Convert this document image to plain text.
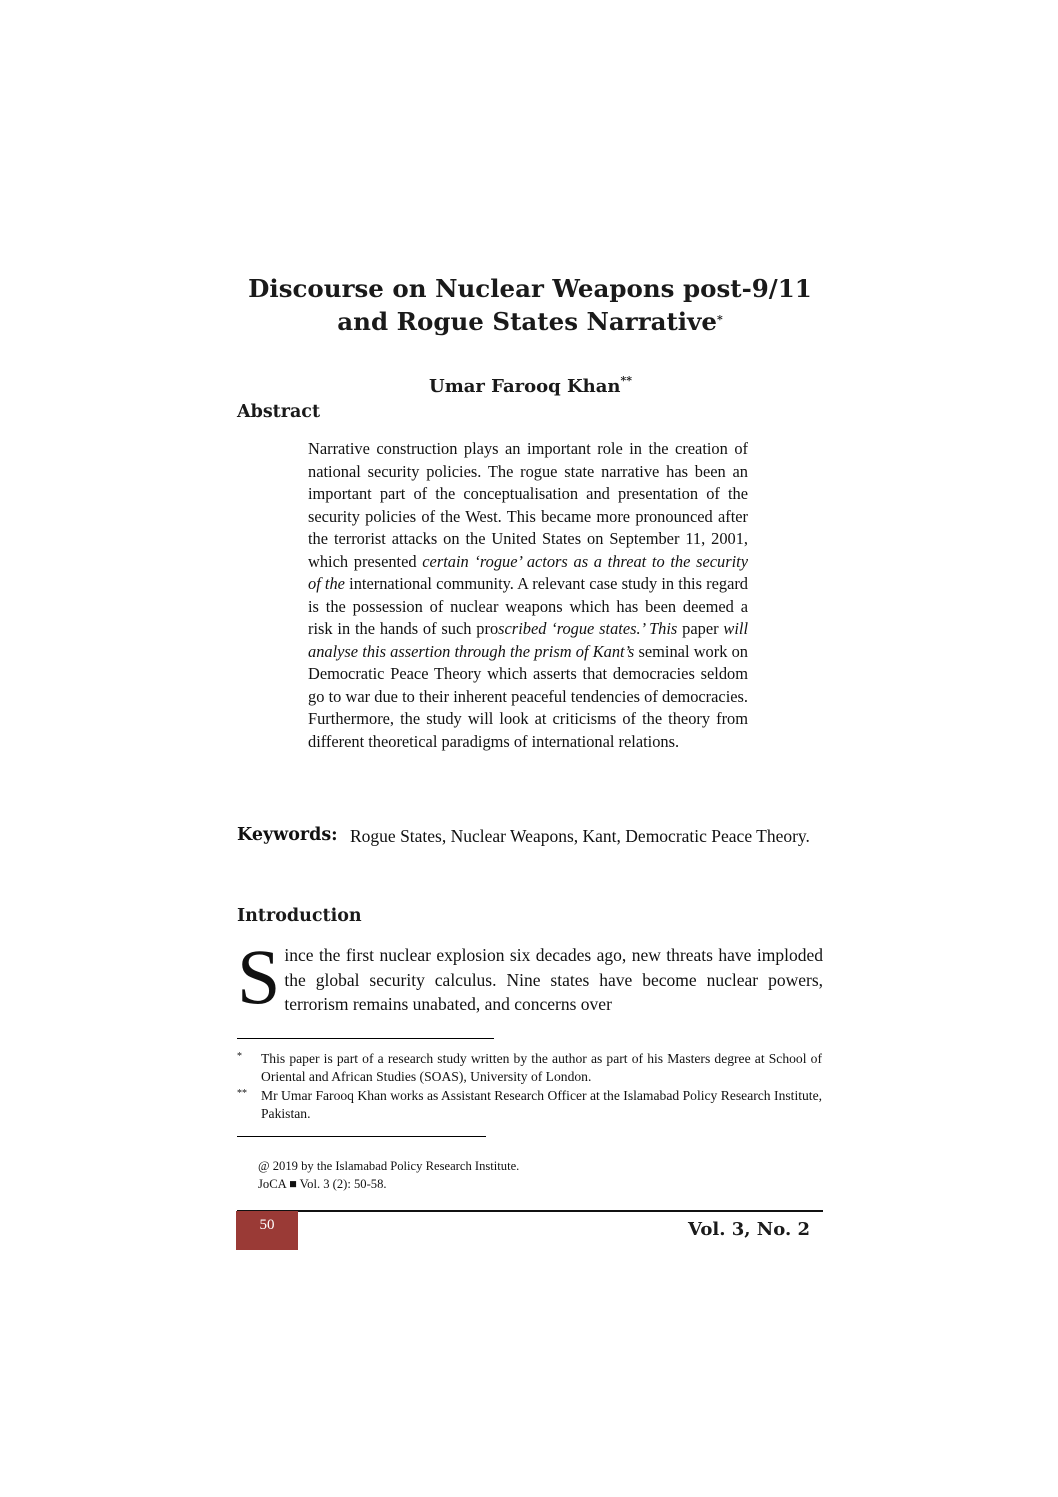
Discourse on Nuclear Weapons post-9/11
and Rogue States Narrative*
Umar Farooq Khan**
Abstract
Narrative construction plays an important role in the creation of national security policies. The rogue state narrative has been an important part of the conceptualisation and presentation of the security policies of the West. This became more pronounced after the terrorist attacks on the United States on September 11, 2001, which presented certain ‘rogue’ actors as a threat to the security of the international community. A relevant case study in this regard is the possession of nuclear weapons which has been deemed a risk in the hands of such proscribed ‘rogue states.’ This paper will analyse this assertion through the prism of Kant’s seminal work on Democratic Peace Theory which asserts that democracies seldom go to war due to their inherent peaceful tendencies of democracies. Furthermore, the study will look at criticisms of the theory from different theoretical paradigms of international relations.
Keywords: Rogue States, Nuclear Weapons, Kant, Democratic Peace Theory.
Introduction
Since the first nuclear explosion six decades ago, new threats have imploded the global security calculus. Nine states have become nuclear powers, terrorism remains unabated, and concerns over
* This paper is part of a research study written by the author as part of his Masters degree at School of Oriental and African Studies (SOAS), University of London.
** Mr Umar Farooq Khan works as Assistant Research Officer at the Islamabad Policy Research Institute, Pakistan.
@ 2019 by the Islamabad Policy Research Institute.
JoCA ■ Vol. 3 (2): 50-58.
50	Vol. 3, No. 2
